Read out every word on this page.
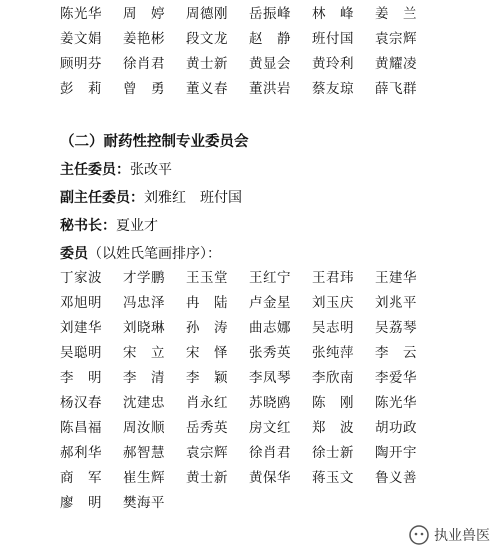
陈光华	周　婷	周德刚	岳振峰	林　峰	姜　兰
姜文娟	姜艳彬	段文龙	赵　静	班付国	袁宗辉
顾明芬	徐肖君	黄士新	黄显会	黄玲利	黄耀凌
彭　莉	曾　勇	董义春	董洪岩	蔡友琼	薛飞群
（二）耐药性控制专业委员会
主任委员：张改平
副主任委员：刘雅红　班付国
秘书长：夏业才
委员（以姓氏笔画排序）：
丁家波	才学鹏	王玉堂	王红宁	王君玮	王建华
邓旭明	冯忠泽	冉　陆	卢金星	刘玉庆	刘兆平
刘建华	刘晓琳	孙　涛	曲志娜	吴志明	吴荔琴
吴聪明	宋　立	宋　怿	张秀英	张纯萍	李　云
李　明	李　清	李　颖	李凤琴	李欣南	李爱华
杨汉春	沈建忠	肖永红	苏晓鸥	陈　刚	陈光华
陈昌福	周汝顺	岳秀英	房文红	郑　波	胡功政
郝利华	郝智慧	袁宗辉	徐肖君	徐士新	陶开宇
商　军	崔生辉	黄士新	黄保华	蒋玉文	鲁义善
廖　明	樊海平
执业兽医
